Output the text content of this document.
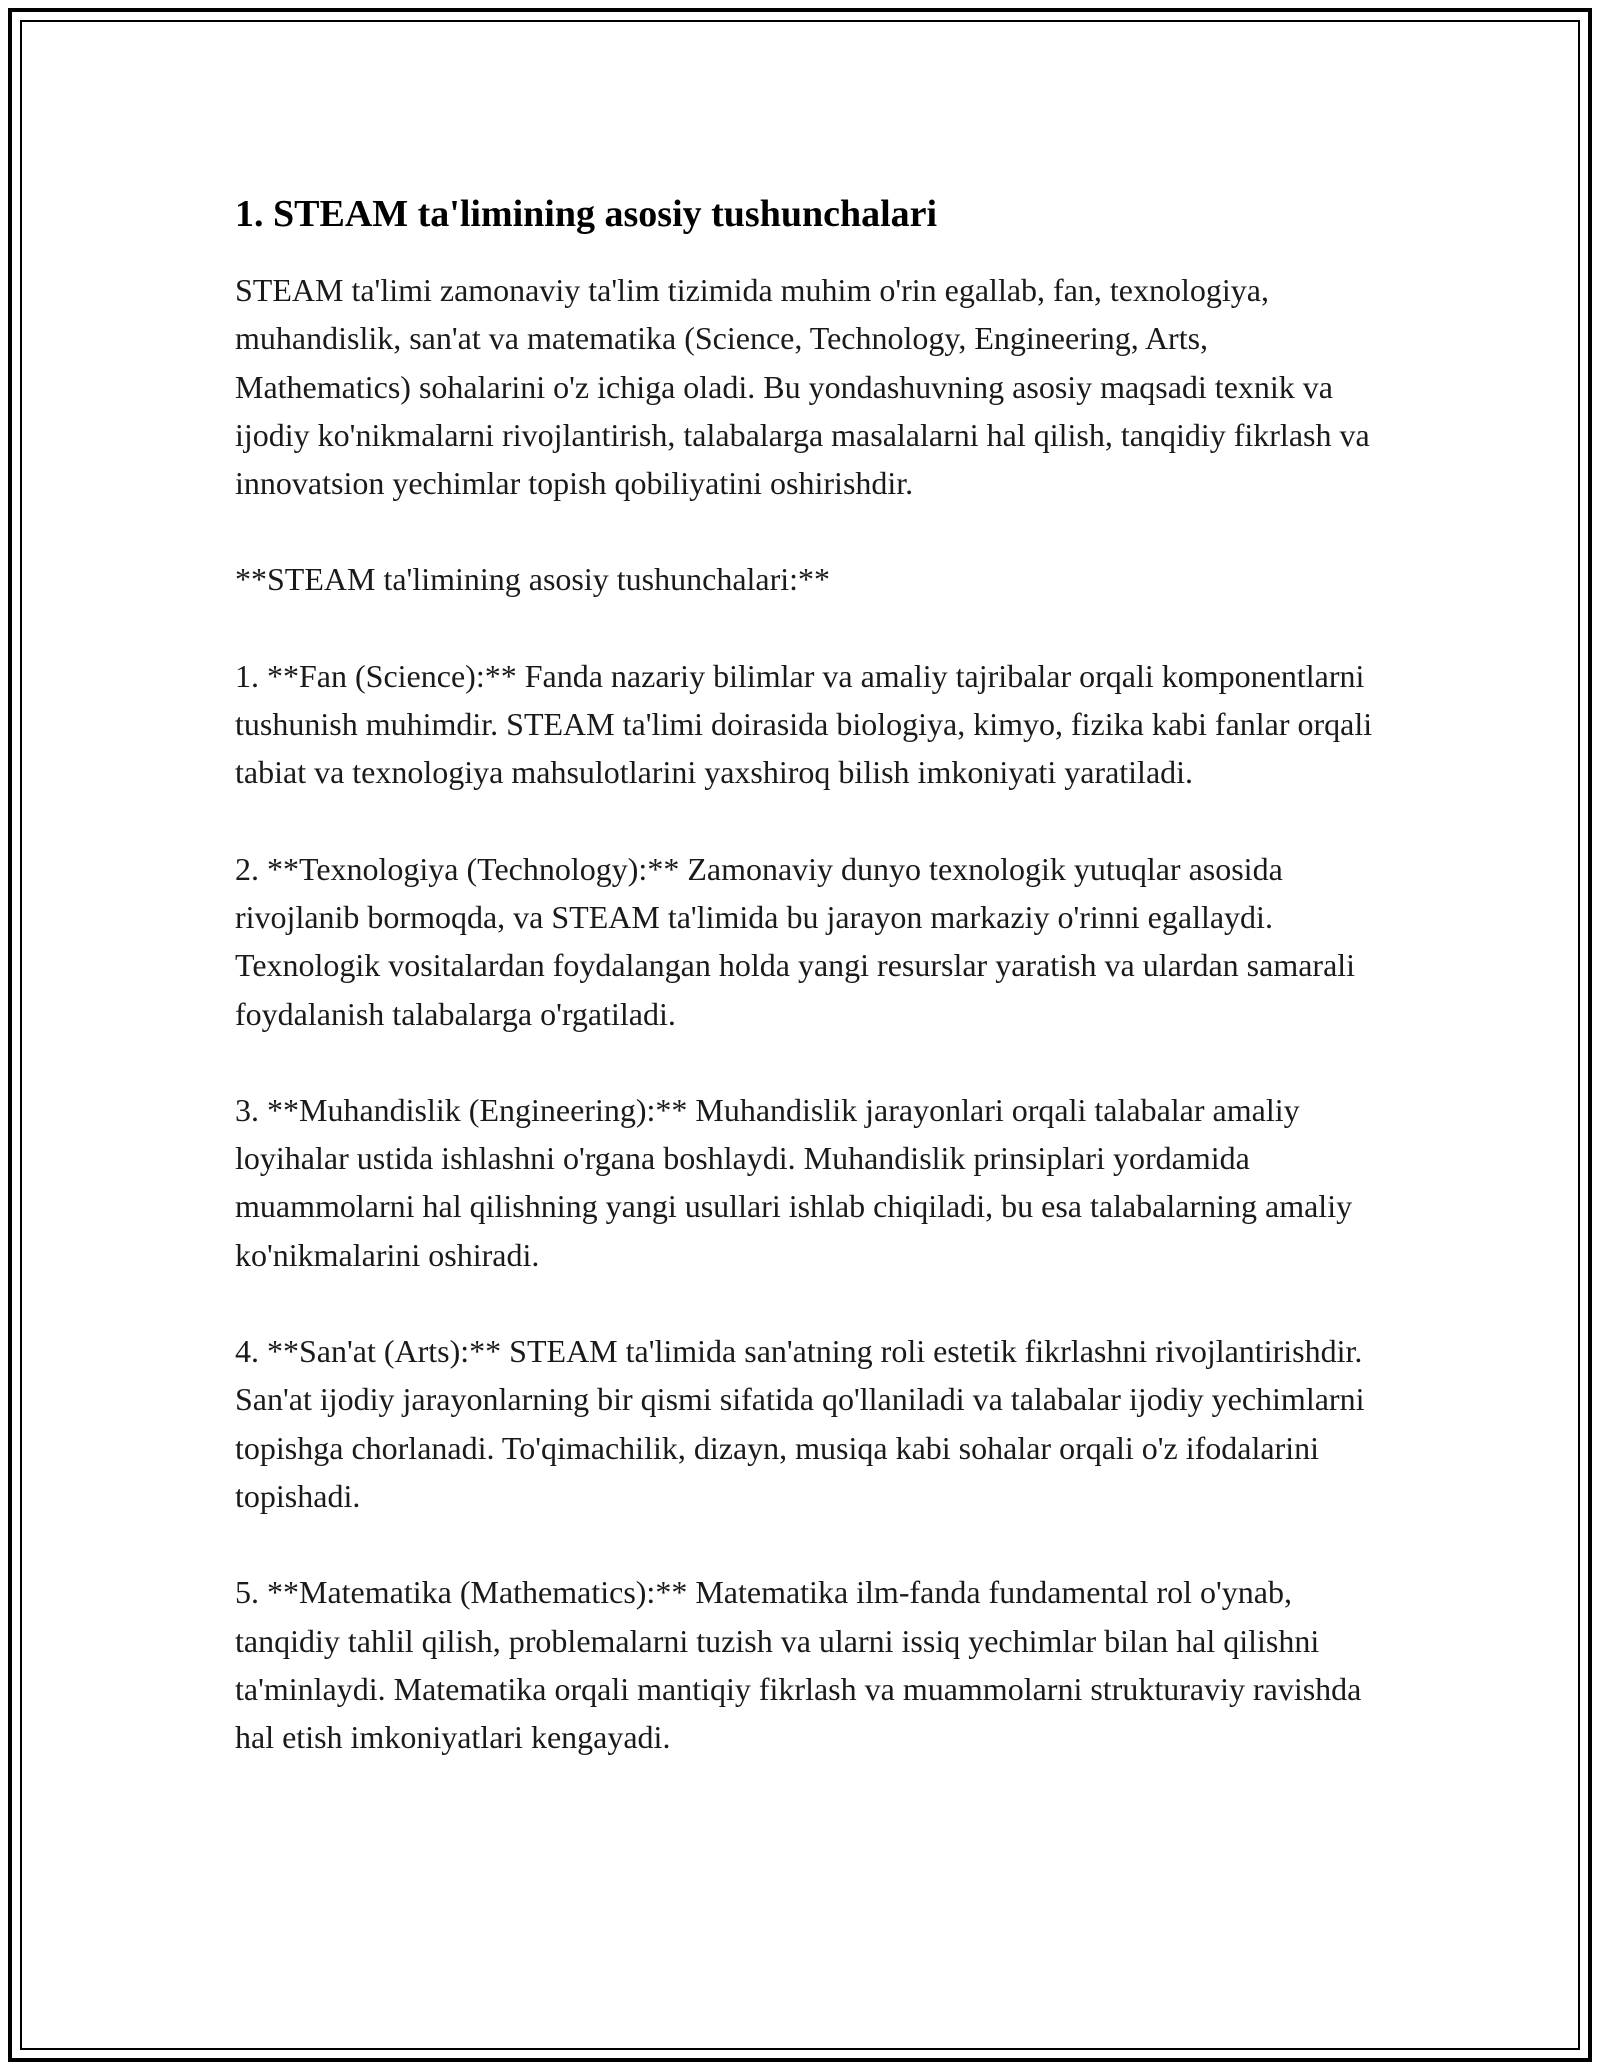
1. STEAM ta'limining asosiy tushunchalari

STEAM ta'limi zamonaviy ta'lim tizimida muhim o'rin egallab, fan, texnologiya, muhandislik, san'at va matematika (Science, Technology, Engineering, Arts, Mathematics) sohalarini o'z ichiga oladi. Bu yondashuvning asosiy maqsadi texnik va ijodiy ko'nikmalarni rivojlantirish, talabalarga masalalarni hal qilish, tanqidiy fikrlash va innovatsion yechimlar topish qobiliyatini oshirishdir.

**STEAM ta'limining asosiy tushunchalari:**

1. **Fan (Science):** Fanda nazariy bilimlar va amaliy tajribalar orqali komponentlarni tushunish muhimdir. STEAM ta'limi doirasida biologiya, kimyo, fizika kabi fanlar orqali tabiat va texnologiya mahsulotlarini yaxshiroq bilish imkoniyati yaratiladi.

2. **Texnologiya (Technology):** Zamonaviy dunyo texnologik yutuqlar asosida rivojlanib bormoqda, va STEAM ta'limida bu jarayon markaziy o'rinni egallaydi. Texnologik vositalardan foydalangan holda yangi resurslar yaratish va ulardan samarali foydalanish talabalarga o'rgatiladi.

3. **Muhandislik (Engineering):** Muhandislik jarayonlari orqali talabalar amaliy loyihalar ustida ishlashni o'rgana boshlaydi. Muhandislik prinsiplari yordamida muammolarni hal qilishning yangi usullari ishlab chiqiladi, bu esa talabalarning amaliy ko'nikmalarini oshiradi.

4. **San'at (Arts):** STEAM ta'limida san'atning roli estetik fikrlashni rivojlantirishdir. San'at ijodiy jarayonlarning bir qismi sifatida qo'llaniladi va talabalar ijodiy yechimlarni topishga chorlanadi. To'qimachilik, dizayn, musiqa kabi sohalar orqali o'z ifodalarini topishadi.

5. **Matematika (Mathematics):** Matematika ilm-fanda fundamental rol o'ynab, tanqidiy tahlil qilish, problemalarni tuzish va ularni issiq yechimlar bilan hal qilishni ta'minlaydi. Matematika orqali mantiqiy fikrlash va muammolarni strukturaviy ravishda hal etish imkoniyatlari kengayadi.
